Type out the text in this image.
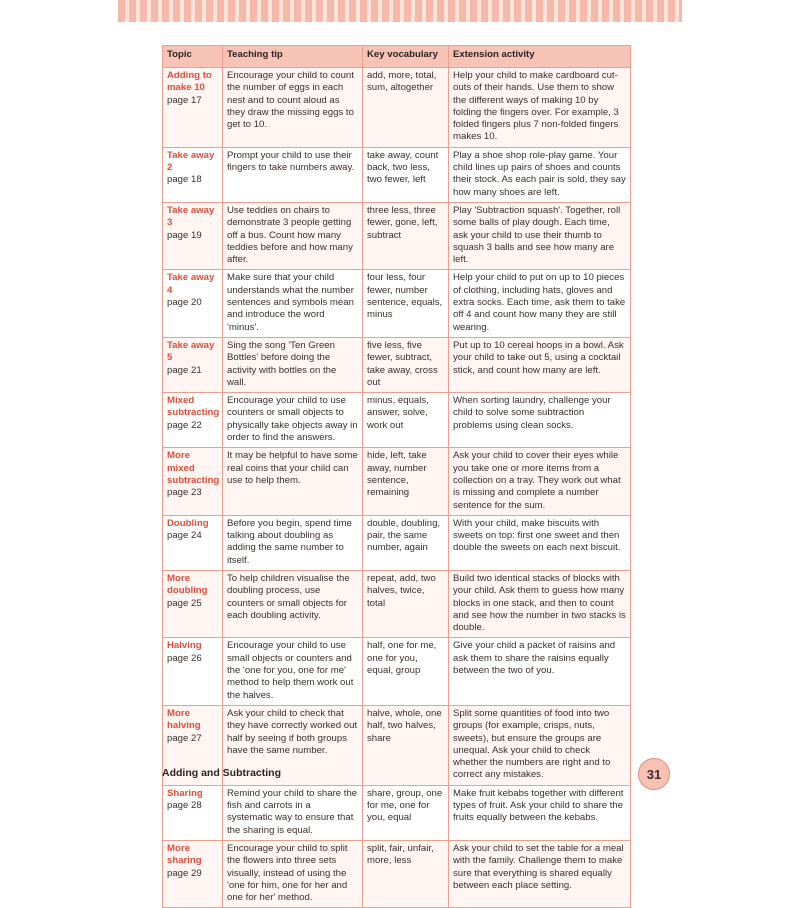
Topic	Teaching tip	Key vocabulary	Extension activity

Adding to make 10
page 17	Encourage your child to count the number of eggs in each nest and to count aloud as they draw the missing eggs to get to 10.	add, more, total, sum, altogether	Help your child to make cardboard cut-outs of their hands. Use them to show the different ways of making 10 by folding the fingers over. For example, 3 folded fingers plus 7 non-folded fingers makes 10.

Take away 2
page 18	Prompt your child to use their fingers to take numbers away.	take away, count back, two less, two fewer, left	Play a shoe shop role-play game. Your child lines up pairs of shoes and counts their stock. As each pair is sold, they say how many shoes are left.

Take away 3
page 19	Use teddies on chairs to demonstrate 3 people getting off a bus. Count how many teddies before and how many after.	three less, three fewer, gone, left, subtract	Play 'Subtraction squash'. Together, roll some balls of play dough. Each time, ask your child to use their thumb to squash 3 balls and see how many are left.

Take away 4
page 20	Make sure that your child understands what the number sentences and symbols mean and introduce the word 'minus'.	four less, four fewer, number sentence, equals, minus	Help your child to put on up to 10 pieces of clothing, including hats, gloves and extra socks. Each time, ask them to take off 4 and count how many they are still wearing.

Take away 5
page 21	Sing the song 'Ten Green Bottles' before doing the activity with bottles on the wall.	five less, five fewer, subtract, take away, cross out	Put up to 10 cereal hoops in a bowl. Ask your child to take out 5, using a cocktail stick, and count how many are left.

Mixed subtracting
page 22	Encourage your child to use counters or small objects to physically take objects away in order to find the answers.	minus, equals, answer, solve, work out	When sorting laundry, challenge your child to solve some subtraction problems using clean socks.

More mixed subtracting
page 23	It may be helpful to have some real coins that your child can use to help them.	hide, left, take away, number sentence, remaining	Ask your child to cover their eyes while you take one or more items from a collection on a tray. They work out what is missing and complete a number sentence for the sum.

Doubling
page 24	Before you begin, spend time talking about doubling as adding the same number to itself.	double, doubling, pair, the same number, again	With your child, make biscuits with sweets on top: first one sweet and then double the sweets on each next biscuit.

More doubling
page 25	To help children visualise the doubling process, use counters or small objects for each doubling activity.	repeat, add, two halves, twice, total	Build two identical stacks of blocks with your child. Ask them to guess how many blocks in one stack, and then to count and see how the number in two stacks is double.

Halving
page 26	Encourage your child to use small objects or counters and the 'one for you, one for me' method to help them work out the halves.	half, one for me, one for you, equal, group	Give your child a packet of raisins and ask them to share the raisins equally between the two of you.

More halving
page 27	Ask your child to check that they have correctly worked out half by seeing if both groups have the same number.	halve, whole, one half, two halves, share	Split some quantities of food into two groups (for example, crisps, nuts, sweets), but ensure the groups are unequal. Ask your child to check whether the numbers are right and to correct any mistakes.

Sharing
page 28	Remind your child to share the fish and carrots in a systematic way to ensure that the sharing is equal.	share, group, one for me, one for you, equal	Make fruit kebabs together with different types of fruit. Ask your child to share the fruits equally between the kebabs.

More sharing
page 29	Encourage your child to split the flowers into three sets visually, instead of using the 'one for him, one for her and one for her' method.	split, fair, unfair, more, less	Ask your child to set the table for a meal with the family. Challenge them to make sure that everything is shared equally between each place setting.
Adding and Subtracting	31
